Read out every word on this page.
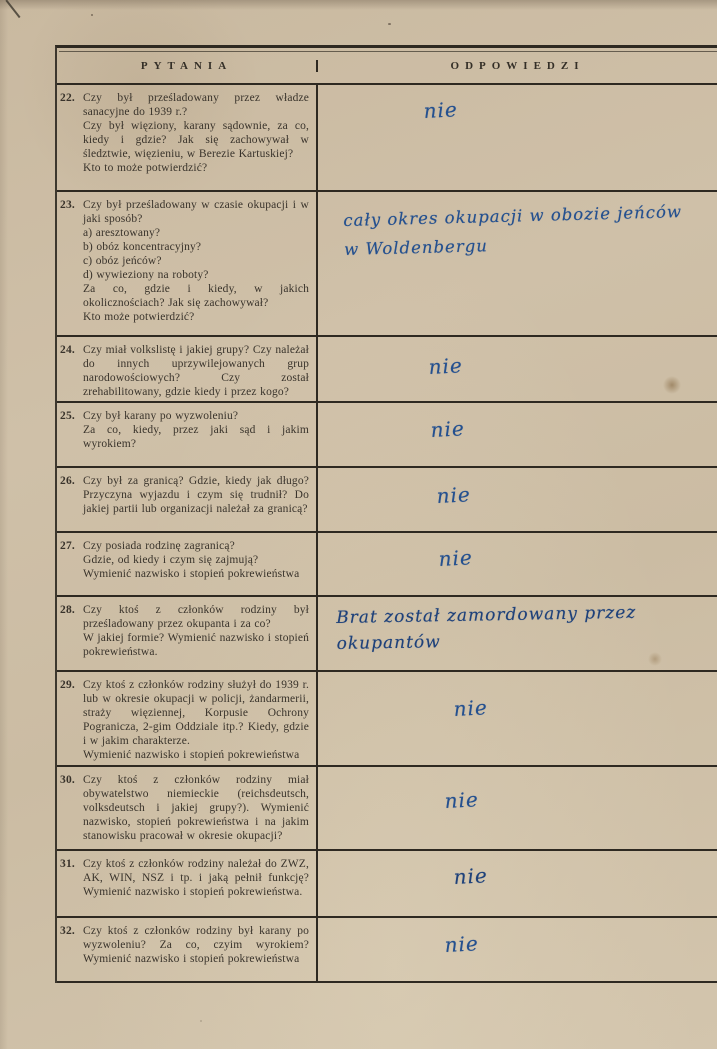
PYTANIA	ODPOWIEDZI
22. Czy był prześladowany przez władze sanacyjne do 1939 r.?

Czy był więziony, karany sądownie, za co, kiedy i gdzie? Jak się zachowywał w śledztwie, więzieniu, w Berezie Kartuskiej?

Kto to może potwierdzić?

nie
23. Czy był prześladowany w czasie okupacji i w jaki sposób?

a) aresztowany?

b) obóz koncentracyjny?

c) obóz jeńców?

d) wywieziony na roboty?

Za co, gdzie i kiedy, w jakich okolicznościach? Jak się zachowywał?

Kto może potwierdzić?

cały okres okupacji w obozie jeńców
w Woldenbergu
24. Czy miał volkslistę i jakiej grupy? Czy należał do innych uprzywilejowanych grup narodowościowych? Czy został zrehabilitowany, gdzie kiedy i przez kogo?

nie
25. Czy był karany po wyzwoleniu?

Za co, kiedy, przez jaki sąd i jakim wyrokiem?

nie
26. Czy był za granicą? Gdzie, kiedy jak długo? Przyczyna wyjazdu i czym się trudnił? Do jakiej partii lub organizacji należał za granicą?

nie
27. Czy posiada rodzinę zagranicą?

Gdzie, od kiedy i czym się zajmują?

Wymienić nazwisko i stopień pokrewieństwa

nie
28. Czy ktoś z członków rodziny był prześladowany przez okupanta i za co?

W jakiej formie? Wymienić nazwisko i stopień pokrewieństwa.

Brat został zamordowany przez
okupantów
29. Czy ktoś z członków rodziny służył do 1939 r. lub w okresie okupacji w policji, żandarmerii, straży więziennej, Korpusie Ochrony Pogranicza, 2-gim Oddziale itp.? Kiedy, gdzie i w jakim charakterze.

Wymienić nazwisko i stopień pokrewieństwa

nie
30. Czy ktoś z członków rodziny miał obywatelstwo niemieckie (reichsdeutsch, volksdeutsch i jakiej grupy?). Wymienić nazwisko, stopień pokrewieństwa i na jakim stanowisku pracował w okresie okupacji?

nie
31. Czy ktoś z członków rodziny należał do ZWZ, AK, WIN, NSZ i tp. i jaką pełnił funkcję? Wymienić nazwisko i stopień pokrewieństwa.

nie
32. Czy ktoś z członków rodziny był karany po wyzwoleniu? Za co, czyim wyrokiem? Wymienić nazwisko i stopień pokrewieństwa

nie
